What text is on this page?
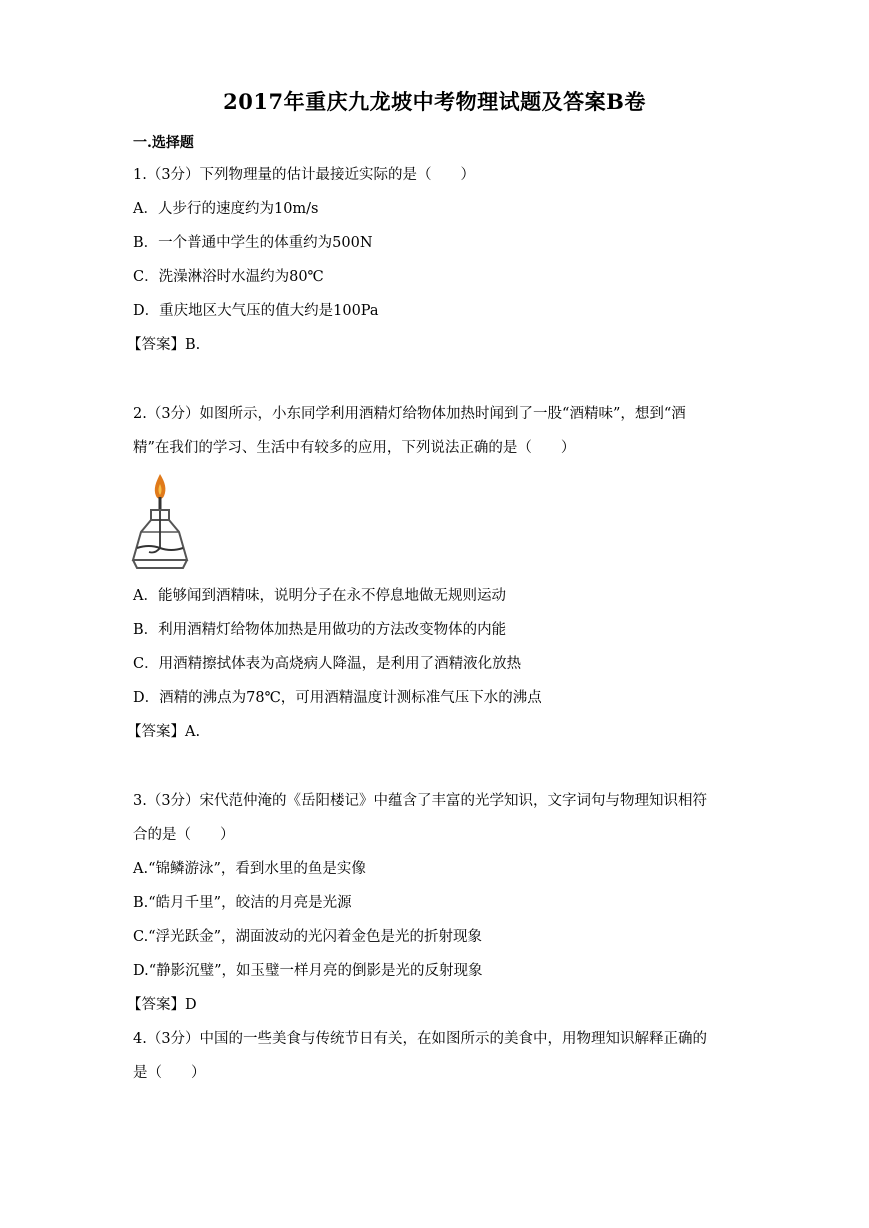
2017年重庆九龙坡中考物理试题及答案B卷
一.选择题
1.（3分）下列物理量的估计最接近实际的是（　　）
A．人步行的速度约为10m/s
B．一个普通中学生的体重约为500N
C．洗澡淋浴时水温约为80℃
D．重庆地区大气压的值大约是100Pa
【答案】B.
2.（3分）如图所示，小东同学利用酒精灯给物体加热时闻到了一股“酒精味”，想到“酒
精”在我们的学习、生活中有较多的应用，下列说法正确的是（　　）
A．能够闻到酒精味，说明分子在永不停息地做无规则运动
B．利用酒精灯给物体加热是用做功的方法改变物体的内能
C．用酒精擦拭体表为高烧病人降温，是利用了酒精液化放热
D．酒精的沸点为78℃，可用酒精温度计测标准气压下水的沸点
【答案】A.
3.（3分）宋代范仲淹的《岳阳楼记》中蕴含了丰富的光学知识，文字词句与物理知识相符
合的是（　　）
A.“锦鳞游泳”，看到水里的鱼是实像
B.“皓月千里”，皎洁的月亮是光源
C.“浮光跃金”，湖面波动的光闪着金色是光的折射现象
D.“静影沉璧”，如玉璧一样月亮的倒影是光的反射现象
【答案】D
4.（3分）中国的一些美食与传统节日有关，在如图所示的美食中，用物理知识解释正确的
是（　　）
